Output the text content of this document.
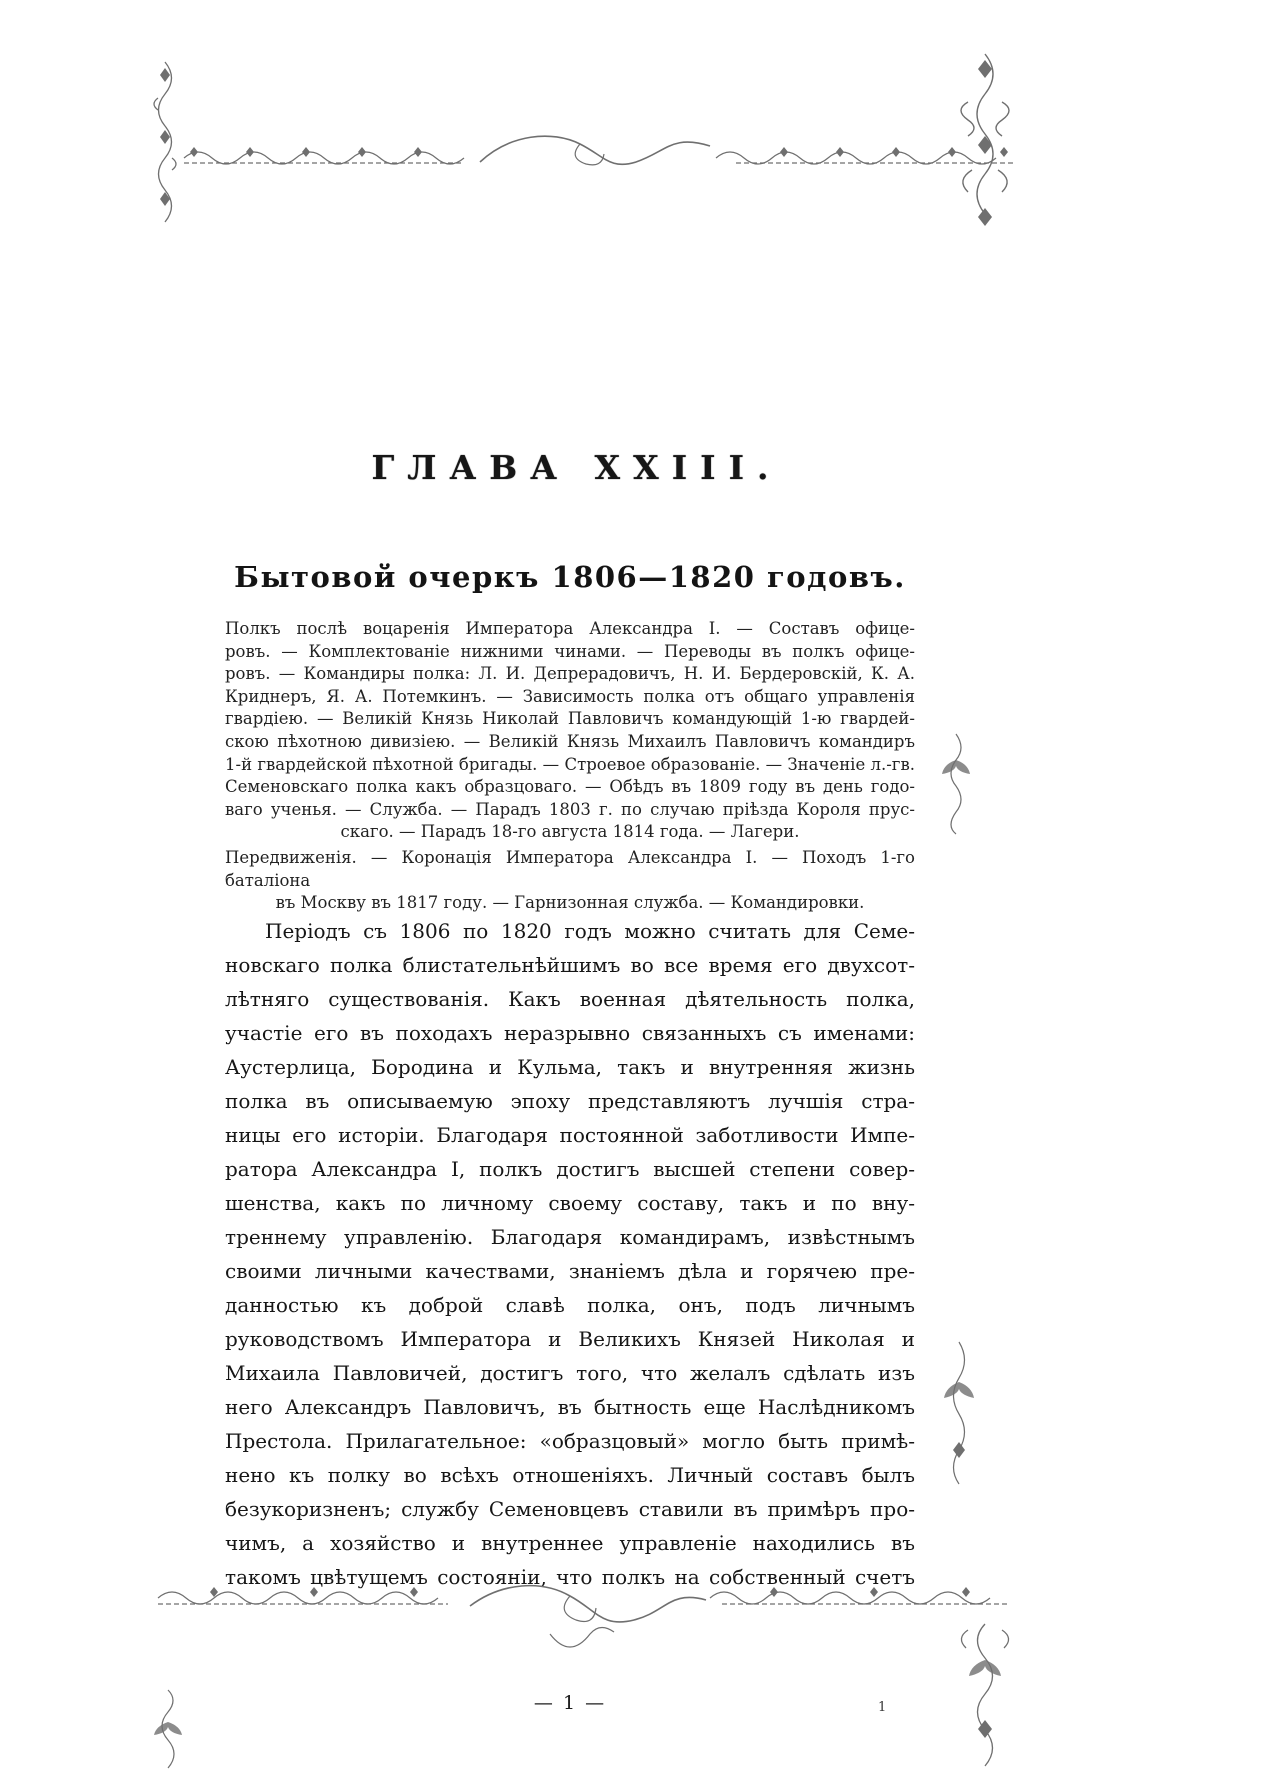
ГЛАВА XXIII.
Бытовой очеркъ 1806—1820 годовъ.
Полкъ послѣ воцаренія Императора Александра I. — Составъ офице-
ровъ. — Комплектованіе нижними чинами. — Переводы въ полкъ офице-
ровъ. — Командиры полка: Л. И. Депрерадовичъ, Н. И. Бердеровскій, К. А.
Криднеръ, Я. А. Потемкинъ. — Зависимость полка отъ общаго управленія
гвардіею. — Великій Князь Николай Павловичъ командующій 1-ю гвардей-
скою пѣхотною дивизіею. — Великій Князь Михаилъ Павловичъ командиръ
1-й гвардейской пѣхотной бригады. — Строевое образованіе. — Значеніе л.-гв.
Семеновскаго полка какъ образцоваго. — Обѣдъ въ 1809 году въ день годо-
ваго ученья. — Служба. — Парадъ 1803 г. по случаю пріѣзда Короля прус-
скаго. — Парадъ 18-го августа 1814 года. — Лагери.
Передвиженія. — Коронація Императора Александра I. — Походъ 1-го баталіона
въ Москву въ 1817 году. — Гарнизонная служба. — Командировки.
Періодъ съ 1806 по 1820 годъ можно считать для Семе-
новскаго полка блистательнѣйшимъ во все время его двухсот-
лѣтняго существованія. Какъ военная дѣятельность полка,
участіе его въ походахъ неразрывно связанныхъ съ именами:
Аустерлица, Бородина и Кульма, такъ и внутренняя жизнь
полка въ описываемую эпоху представляютъ лучшія стра-
ницы его исторіи. Благодаря постоянной заботливости Импе-
ратора Александра I, полкъ достигъ высшей степени совер-
шенства, какъ по личному своему составу, такъ и по вну-
треннему управленію. Благодаря командирамъ, извѣстнымъ
своими личными качествами, знаніемъ дѣла и горячею пре-
данностью къ доброй славѣ полка, онъ, подъ личнымъ
руководствомъ Императора и Великихъ Князей Николая и
Михаила Павловичей, достигъ того, что желалъ сдѣлать изъ
него Александръ Павловичъ, въ бытность еще Наслѣдникомъ
Престола. Прилагательное: «образцовый» могло быть примѣ-
нено къ полку во всѣхъ отношеніяхъ. Личный составъ былъ
безукоризненъ; службу Семеновцевъ ставили въ примѣръ про-
чимъ, а хозяйство и внутреннее управленіе находились въ
такомъ цвѣтущемъ состояніи, что полкъ на собственный счетъ
— 1 —	1
